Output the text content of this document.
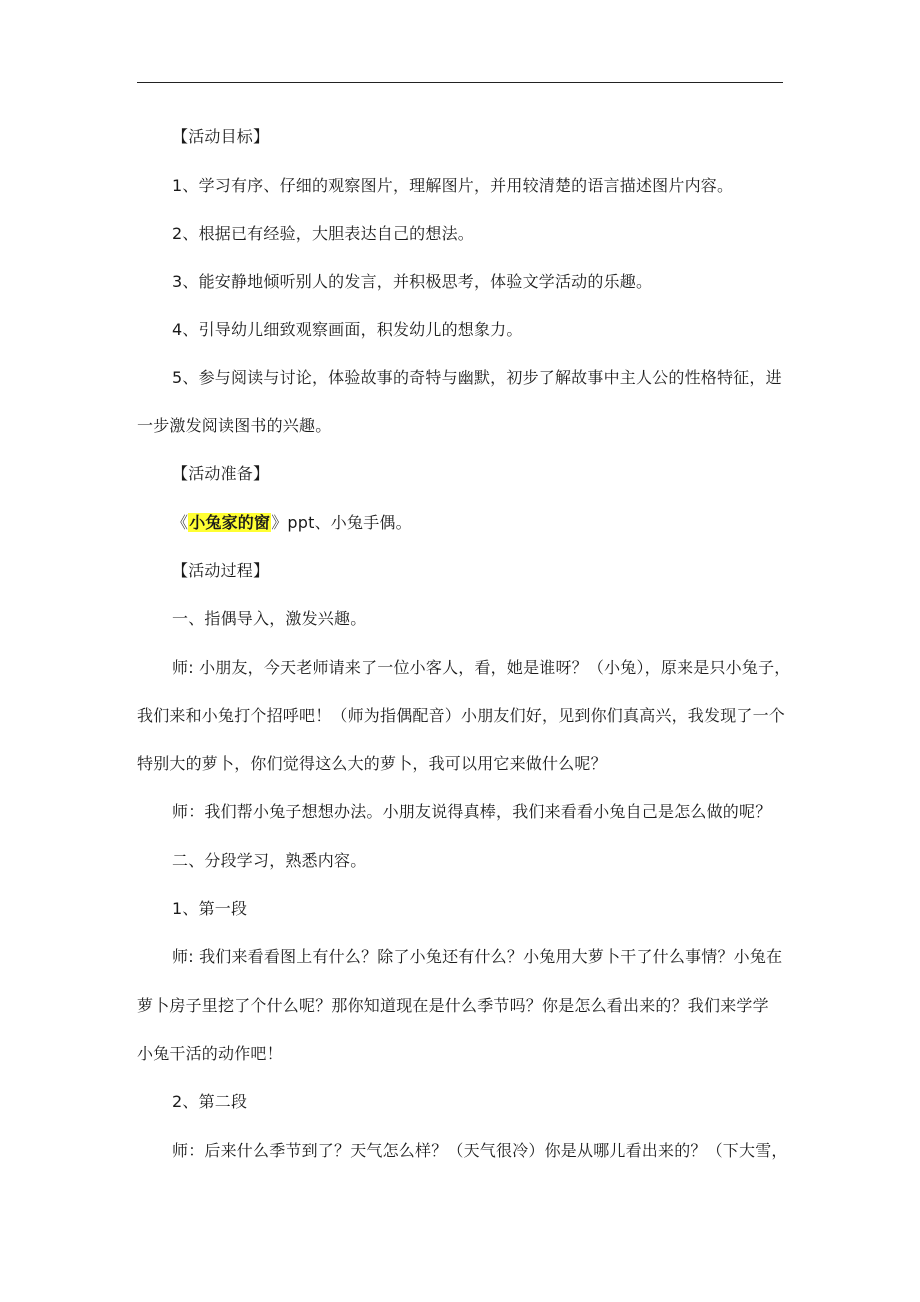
【活动目标】
1、学习有序、仔细的观察图片，理解图片，并用较清楚的语言描述图片内容。
2、根据已有经验，大胆表达自己的想法。
3、能安静地倾听别人的发言，并积极思考，体验文学活动的乐趣。
4、引导幼儿细致观察画面，积发幼儿的想象力。
5、参与阅读与讨论，体验故事的奇特与幽默，初步了解故事中主人公的性格特征，进
一步激发阅读图书的兴趣。
【活动准备】
《小兔家的窗》ppt、小兔手偶。
【活动过程】
一、指偶导入，激发兴趣。
师: 小朋友，今天老师请来了一位小客人，看，她是谁呀？（小兔），原来是只小兔子，
我们来和小兔打个招呼吧！（师为指偶配音）小朋友们好，见到你们真高兴，我发现了一个
特别大的萝卜，你们觉得这么大的萝卜，我可以用它来做什么呢？
师：我们帮小兔子想想办法。小朋友说得真棒，我们来看看小兔自己是怎么做的呢？
二、分段学习，熟悉内容。
1、第一段
师: 我们来看看图上有什么？除了小兔还有什么？小兔用大萝卜干了什么事情？小兔在
萝卜房子里挖了个什么呢？那你知道现在是什么季节吗？你是怎么看出来的？我们来学学
小兔干活的动作吧！
2、第二段
师：后来什么季节到了？天气怎么样？（天气很冷）你是从哪儿看出来的？（下大雪，
